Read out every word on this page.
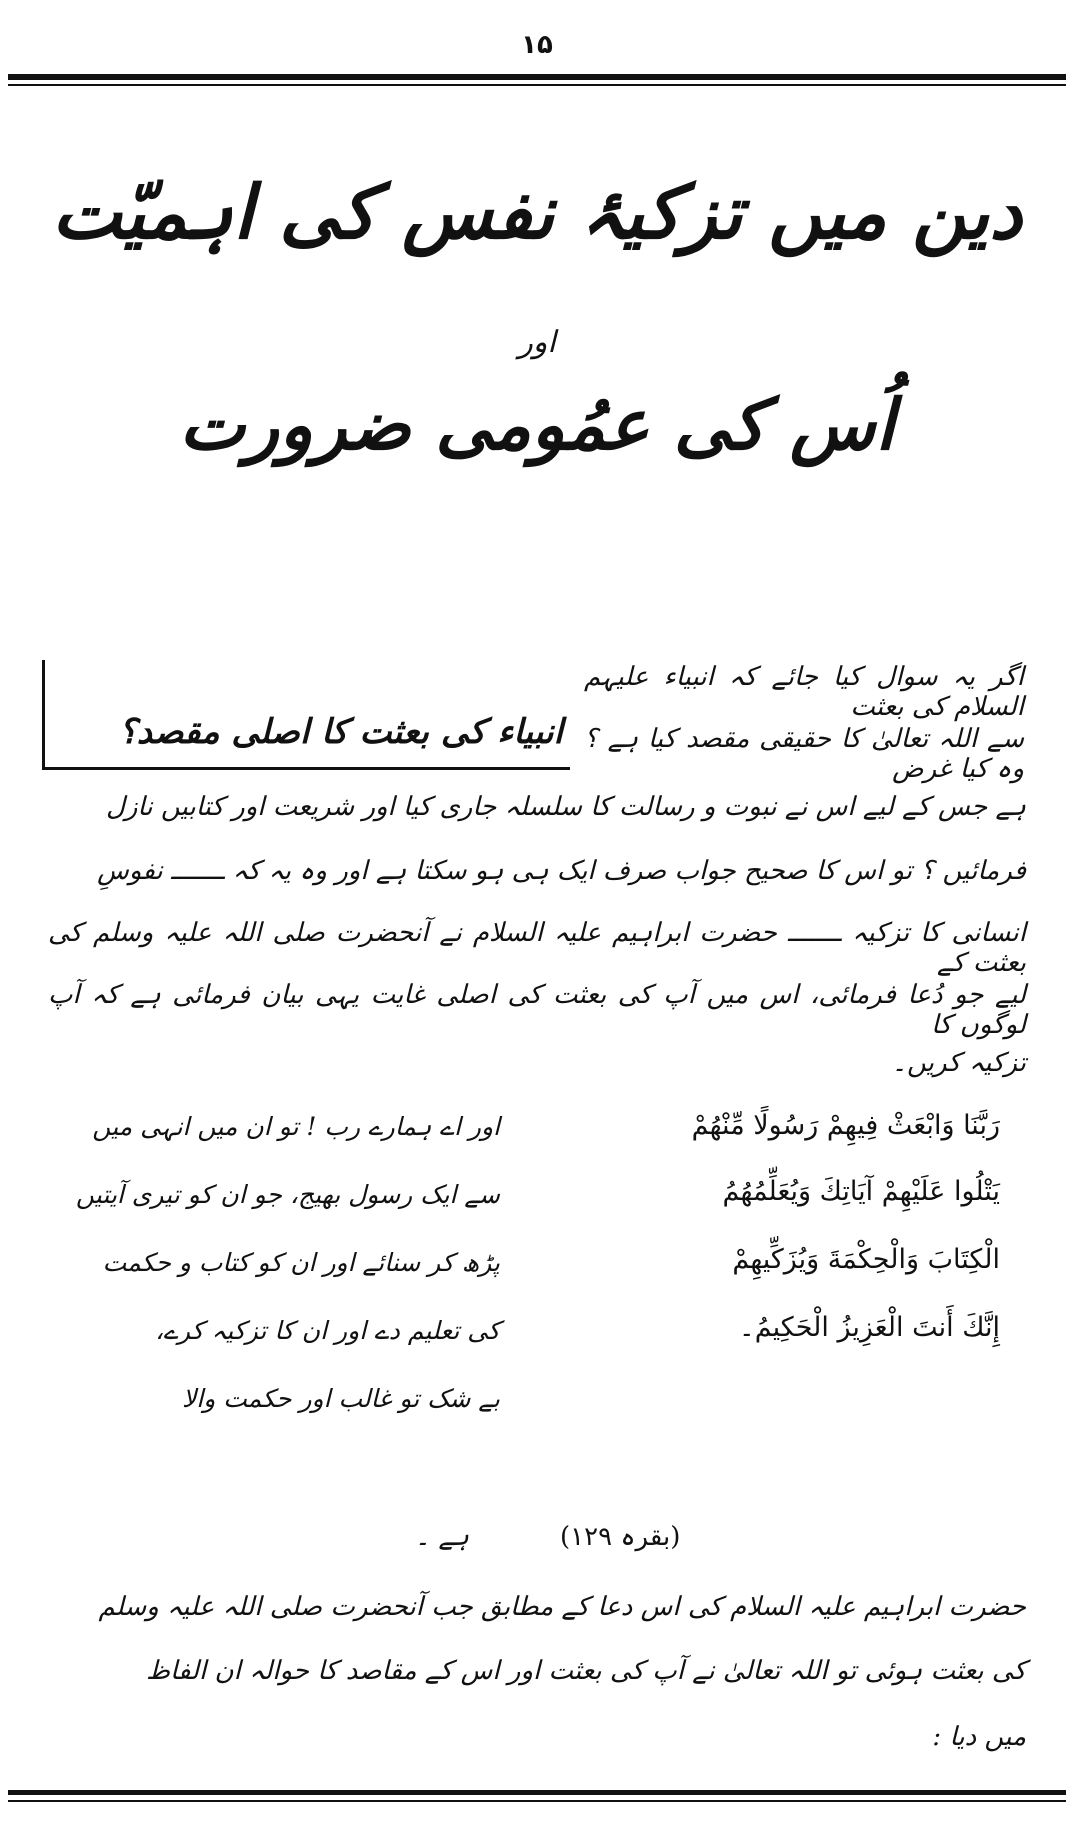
۱۵
دین میں تزکیۂ نفس کی اہمیّت
اور
اُس کی عمُومی ضرورت
انبیاء کی بعثت کا اصلی مقصد؟
اگر یہ سوال کیا جائے کہ انبیاء علیہم السلام کی بعثت
سے اللہ تعالیٰ کا حقیقی مقصد کیا ہے ؟ وہ کیا غرض
ہے جس کے لیے اس نے نبوت و رسالت کا سلسلہ جاری کیا اور شریعت اور کتابیں نازل
فرمائیں ؟ تو اس کا صحیح جواب صرف ایک ہی ہو سکتا ہے اور وہ یہ کہ ـــــــ نفوسِ
انسانی کا تزکیہ ـــــــ حضرت ابراہیم علیہ السلام نے آنحضرت صلی اللہ علیہ وسلم کی بعثت کے
لیے جو دُعا فرمائی، اس میں آپ کی بعثت کی اصلی غایت یہی بیان فرمائی ہے کہ آپ لوگوں کا
تزکیہ کریں۔
رَبَّنَا وَابْعَثْ فِيهِمْ رَسُولًا مِّنْهُمْ
يَتْلُوا عَلَيْهِمْ آيَاتِكَ وَيُعَلِّمُهُمُ
الْكِتَابَ وَالْحِكْمَةَ وَيُزَكِّيهِمْ
إِنَّكَ أَنتَ الْعَزِيزُ الْحَكِيمُ۔
اور اے ہمارے رب ! تو ان میں انہی میں
سے ایک رسول بھیج، جو ان کو تیری آیتیں
پڑھ کر سنائے اور ان کو کتاب و حکمت
کی تعلیم دے اور ان کا تزکیہ کرے،
بے شک تو غالب اور حکمت والا
(بقرہ ۱۲۹)
ہے ۔
حضرت ابراہیم علیہ السلام کی اس دعا کے مطابق جب آنحضرت صلی اللہ علیہ وسلم
کی بعثت ہوئی تو اللہ تعالیٰ نے آپ کی بعثت اور اس کے مقاصد کا حوالہ ان الفاظ
میں دیا :
